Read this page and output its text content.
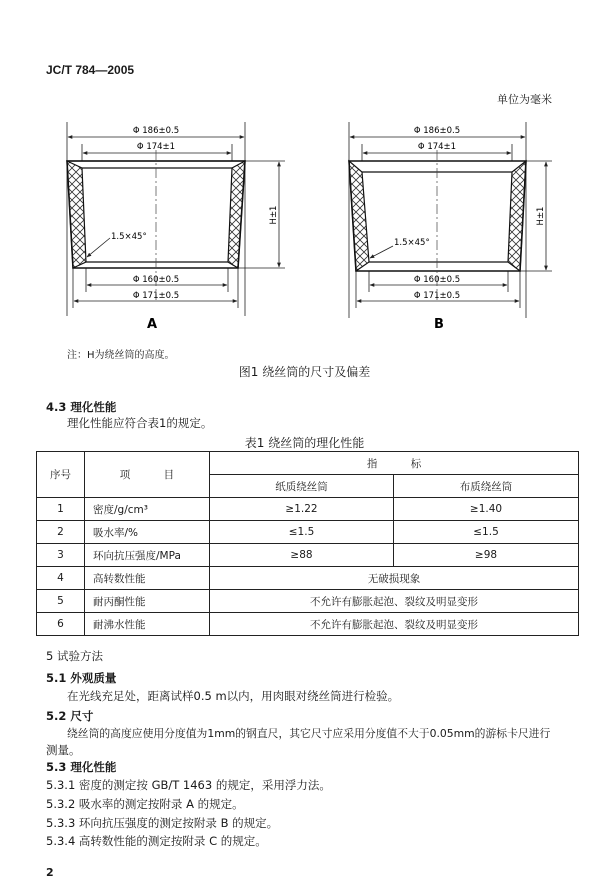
JC/T 784—2005
单位为毫米
Φ 186±0.5
Φ 174±1
1.5×45°
H±1
Φ 160±0.5
Φ 171±0.5
A
Φ 186±0.5
Φ 174±1
1.5×45°
H±1
Φ 160±0.5
Φ 171±0.5
B
注：H为绕丝筒的高度。
图1 绕丝筒的尺寸及偏差
4.3 理化性能
理化性能应符合表1的规定。
表1 绕丝筒的理化性能
序号	项          目	指          标	
		纸质绕丝筒	布质绕丝筒
1	密度/g/cm³	≥1.22	≥1.40
2	吸水率/%	≤1.5	≤1.5
3	环向抗压强度/MPa	≥88	≥98
4	高转数性能	无破损现象	
5	耐丙酮性能	不允许有膨胀起泡、裂纹及明显变形	
6	耐沸水性能	不允许有膨胀起泡、裂纹及明显变形	
5 试验方法
5.1 外观质量
在光线充足处，距离试样0.5 m以内，用肉眼对绕丝筒进行检验。
5.2 尺寸
绕丝筒的高度应使用分度值为1mm的钢直尺，其它尺寸应采用分度值不大于0.05mm的游标卡尺进行
测量。
5.3 理化性能
5.3.1 密度的测定按 GB/T 1463 的规定，采用浮力法。
5.3.2 吸水率的测定按附录 A 的规定。
5.3.3 环向抗压强度的测定按附录 B 的规定。
5.3.4 高转数性能的测定按附录 C 的规定。
2
